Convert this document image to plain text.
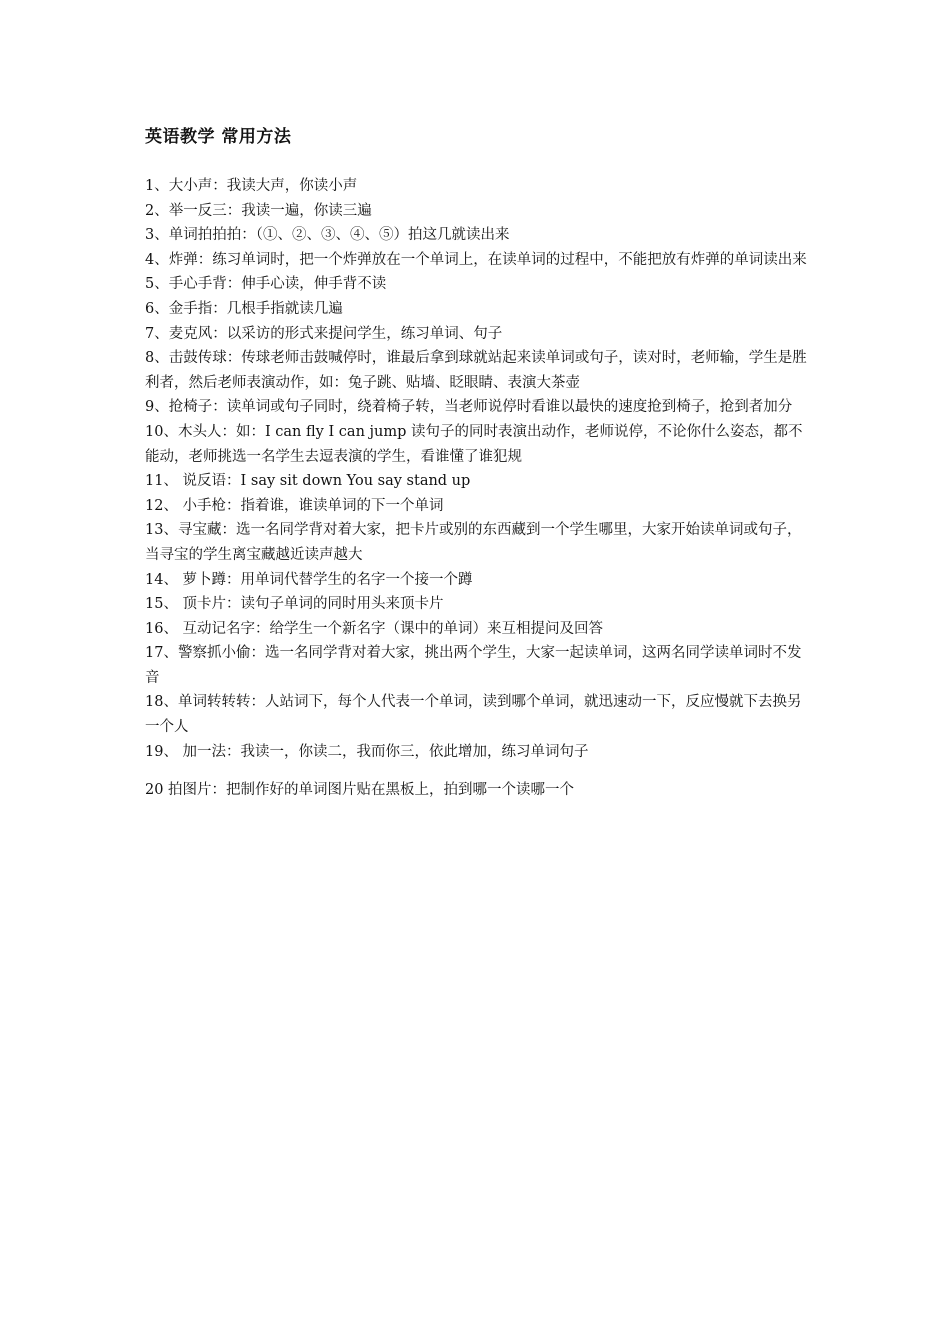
英语教学 常用方法

1、大小声：我读大声，你读小声

2、举一反三：我读一遍，你读三遍

3、单词拍拍拍：（①、②、③、④、⑤）拍这几就读出来

4、炸弹：练习单词时，把一个炸弹放在一个单词上，在读单词的过程中，不能把放有炸弹的单词读出来

5、手心手背：伸手心读，伸手背不读

6、金手指：几根手指就读几遍

7、麦克风：以采访的形式来提问学生，练习单词、句子

8、击鼓传球：传球老师击鼓喊停时，谁最后拿到球就站起来读单词或句子，读对时，老师输，学生是胜利者，然后老师表演动作，如：兔子跳、贴墙、眨眼睛、表演大茶壶

9、抢椅子：读单词或句子同时，绕着椅子转，当老师说停时看谁以最快的速度抢到椅子，抢到者加分

10、木头人：如：I can fly I can jump 读句子的同时表演出动作，老师说停，不论你什么姿态，都不能动，老师挑选一名学生去逗表演的学生，看谁懂了谁犯规

11、 说反语：I say sit down You say stand up

12、 小手枪：指着谁，谁读单词的下一个单词

13、寻宝藏：选一名同学背对着大家，把卡片或别的东西藏到一个学生哪里，大家开始读单词或句子，当寻宝的学生离宝藏越近读声越大

14、 萝卜蹲：用单词代替学生的名字一个接一个蹲

15、 顶卡片：读句子单词的同时用头来顶卡片

16、 互动记名字：给学生一个新名字（课中的单词）来互相提问及回答

17、警察抓小偷：选一名同学背对着大家，挑出两个学生，大家一起读单词，这两名同学读单词时不发音

18、单词转转转：人站词下，每个人代表一个单词，读到哪个单词，就迅速动一下，反应慢就下去换另一个人

19、 加一法：我读一，你读二，我而你三，依此增加，练习单词句子

20 拍图片：把制作好的单词图片贴在黑板上，拍到哪一个读哪一个
